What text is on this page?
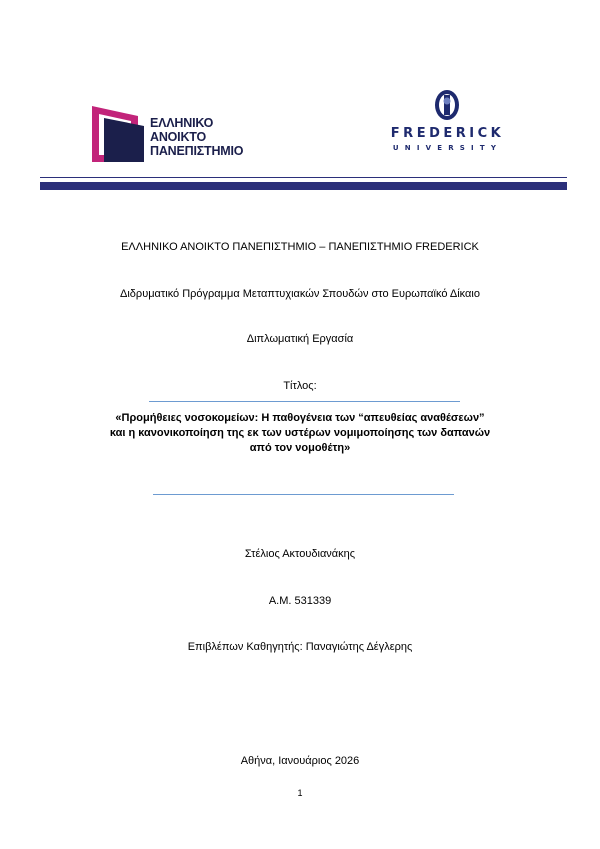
ΕΛΛΗΝΙΚΟ
ΑΝΟΙΚΤΟ
ΠΑΝΕΠΙΣΤΗΜΙΟ
FREDERICK
UNIVERSITY
ΕΛΛΗΝΙΚΟ ΑΝΟΙΚΤΟ ΠΑΝΕΠΙΣΤΗΜΙΟ – ΠΑΝΕΠΙΣΤΗΜΙΟ FREDERICK
Διδρυματικό Πρόγραμμα Μεταπτυχιακών Σπουδών στο Ευρωπαϊκό Δίκαιο
Διπλωματική Εργασία
Τίτλος:
«Προμήθειες νοσοκομείων: Η παθογένεια των “απευθείας αναθέσεων”
και η κανονικοποίηση της εκ των υστέρων νομιμοποίησης των δαπανών
από τον νομοθέτη»
Στέλιος Ακτουδιανάκης
Α.Μ. 531339
Επιβλέπων Καθηγητής: Παναγιώτης Δέγλερης
Αθήνα, Ιανουάριος 2026
1
